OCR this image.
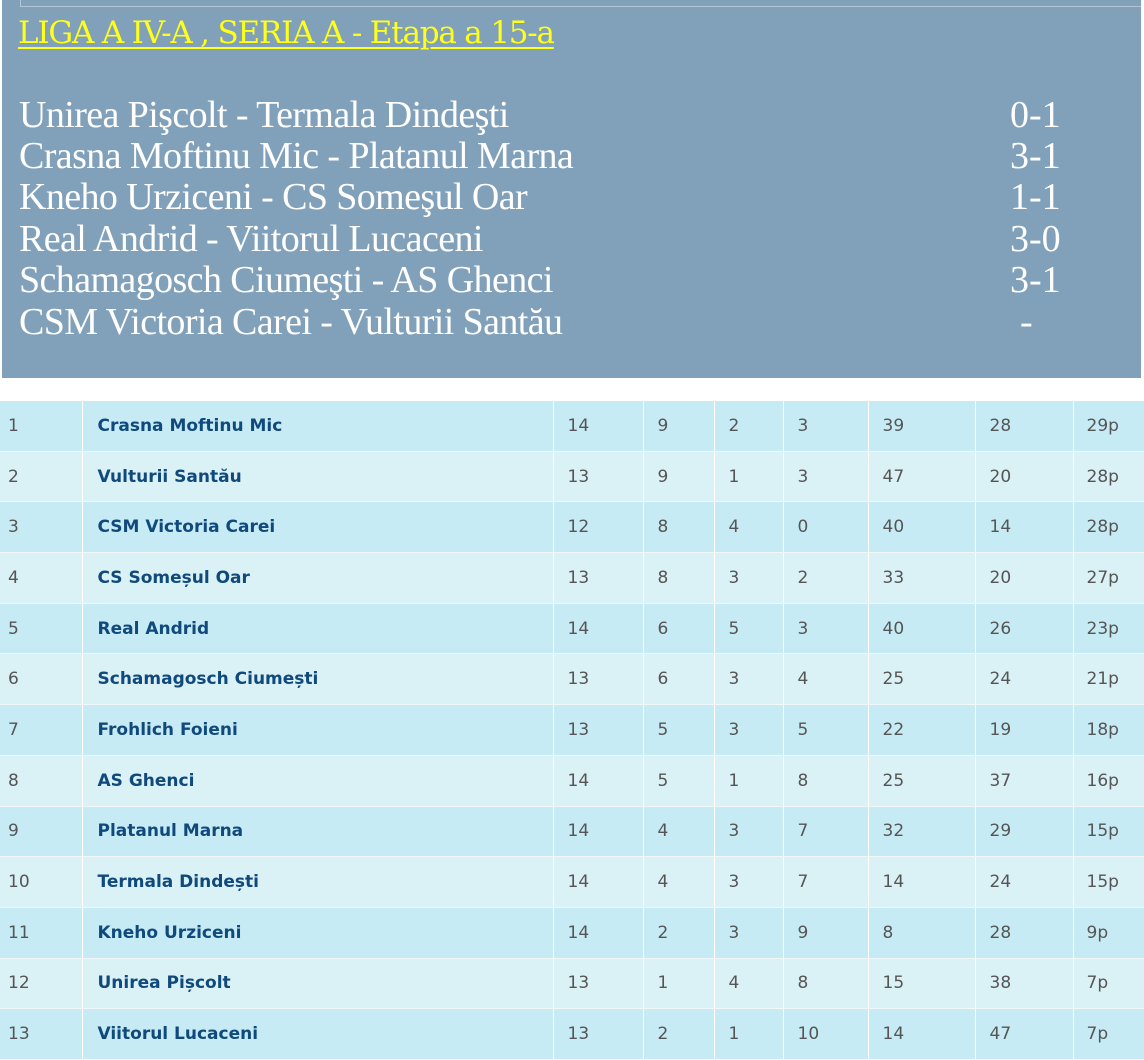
LIGA A IV-A , SERIA A - Etapa a 15-a
Unirea Pişcolt - Termala Dindeşti	0-1
Crasna Moftinu Mic - Platanul Marna	3-1
Kneho Urziceni - CS Someşul Oar	1-1
Real Andrid - Viitorul Lucaceni	3-0
Schamagosch Ciumeşti - AS Ghenci	3-1
CSM Victoria Carei - Vulturii Santău	-
1	Crasna Moftinu Mic	14	9	2	3	39	28	29p
2	Vulturii Santău	13	9	1	3	47	20	28p
3	CSM Victoria Carei	12	8	4	0	40	14	28p
4	CS Someșul Oar	13	8	3	2	33	20	27p
5	Real Andrid	14	6	5	3	40	26	23p
6	Schamagosch Ciumești	13	6	3	4	25	24	21p
7	Frohlich Foieni	13	5	3	5	22	19	18p
8	AS Ghenci	14	5	1	8	25	37	16p
9	Platanul Marna	14	4	3	7	32	29	15p
10	Termala Dindești	14	4	3	7	14	24	15p
11	Kneho Urziceni	14	2	3	9	8	28	9p
12	Unirea Pișcolt	13	1	4	8	15	38	7p
13	Viitorul Lucaceni	13	2	1	10	14	47	7p
